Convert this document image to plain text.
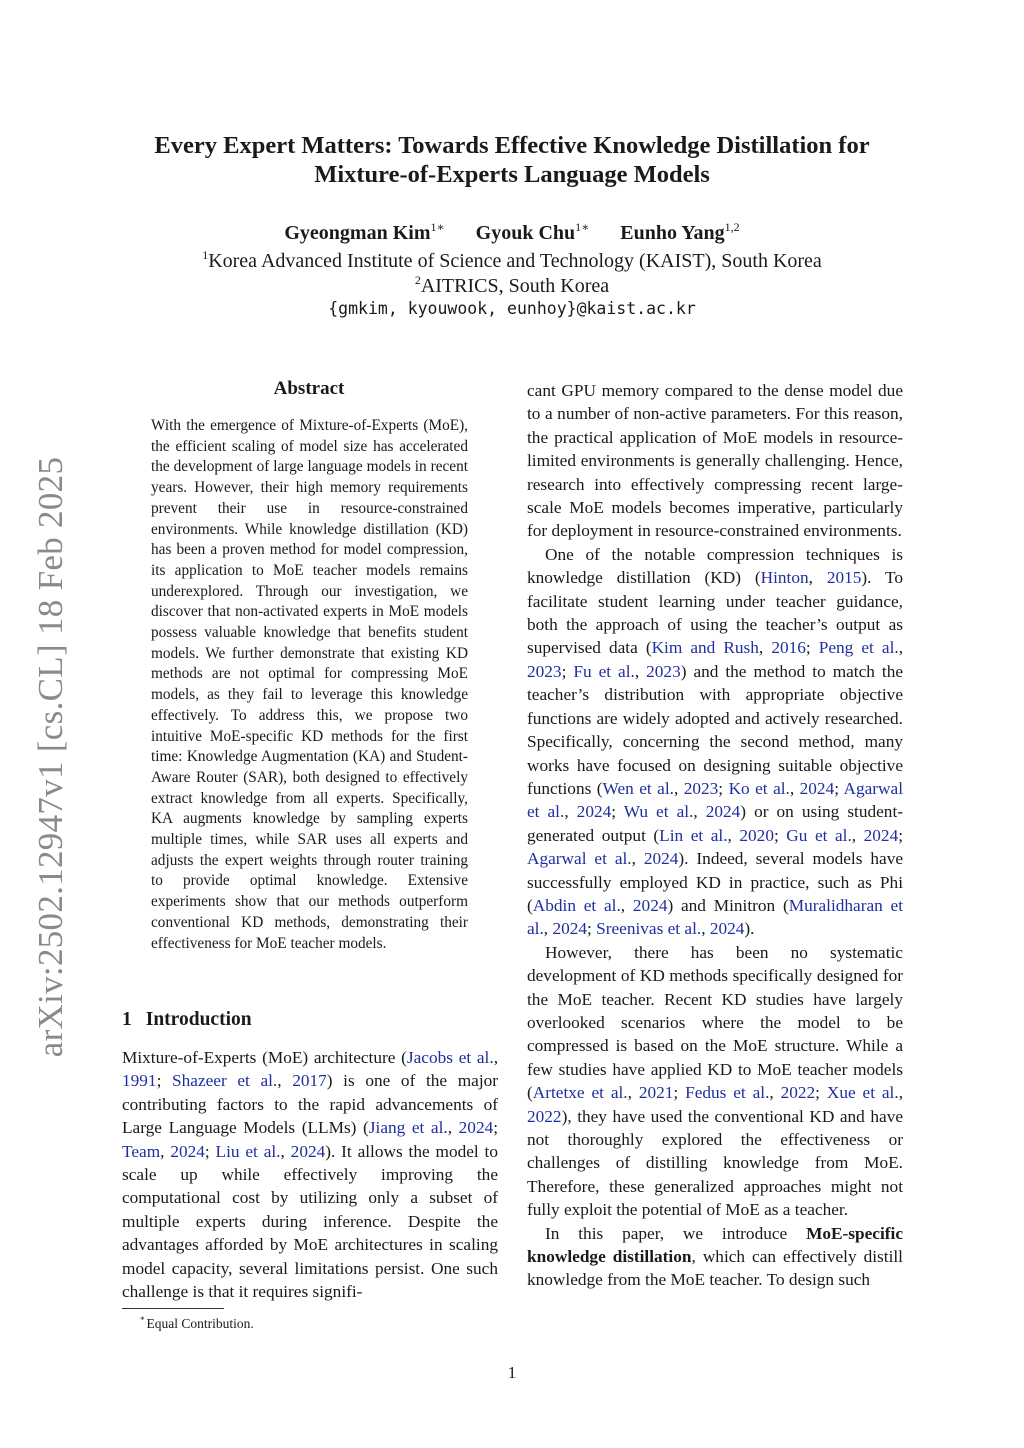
arXiv:2502.12947v1 [cs.CL] 18 Feb 2025
Every Expert Matters: Towards Effective Knowledge Distillation for
Mixture-of-Experts Language Models
Gyeongman Kim$^{1∗}$ Gyouk Chu$^{1∗}$ Eunho Yang$^{1,2}$
$^1$Korea Advanced Institute of Science and Technology (KAIST), South Korea
$^2$AITRICS, South Korea
{gmkim, kyouwook, eunhoy}@kaist.ac.kr
Abstract
With the emergence of Mixture-of-Experts (MoE), the efficient scaling of model size has accelerated the development of large language models in recent years. However, their high memory requirements prevent their use in resource-constrained environments. While knowledge distillation (KD) has been a proven method for model compression, its application to MoE teacher models remains underexplored. Through our investigation, we discover that non-activated experts in MoE models possess valuable knowledge that benefits student models. We further demonstrate that existing KD methods are not optimal for compressing MoE models, as they fail to leverage this knowledge effectively. To address this, we propose two intuitive MoE-specific KD methods for the first time: Knowledge Augmentation (KA) and Student-Aware Router (SAR), both designed to effectively extract knowledge from all experts. Specifically, KA augments knowledge by sampling experts multiple times, while SAR uses all experts and adjusts the expert weights through router training to provide optimal knowledge. Extensive experiments show that our methods outperform conventional KD methods, demonstrating their effectiveness for MoE teacher models.
1 Introduction

Mixture-of-Experts (MoE) architecture (Jacobs et al., 1991; Shazeer et al., 2017) is one of the major contributing factors to the rapid advancements of Large Language Models (LLMs) (Jiang et al., 2024; Team, 2024; Liu et al., 2024). It allows the model to scale up while effectively improving the computational cost by utilizing only a subset of multiple experts during inference. Despite the advantages afforded by MoE architectures in scaling model capacity, several limitations persist. One such challenge is that it requires signifi-

cant GPU memory compared to the dense model due to a number of non-active parameters. For this reason, the practical application of MoE models in resource-limited environments is generally challenging. Hence, research into effectively compressing recent large-scale MoE models becomes imperative, particularly for deployment in resource-constrained environments.

One of the notable compression techniques is knowledge distillation (KD) (Hinton, 2015). To facilitate student learning under teacher guidance, both the approach of using the teacher’s output as supervised data (Kim and Rush, 2016; Peng et al., 2023; Fu et al., 2023) and the method to match the teacher’s distribution with appropriate objective functions are widely adopted and actively researched. Specifically, concerning the second method, many works have focused on designing suitable objective functions (Wen et al., 2023; Ko et al., 2024; Agarwal et al., 2024; Wu et al., 2024) or on using student-generated output (Lin et al., 2020; Gu et al., 2024; Agarwal et al., 2024). Indeed, several models have successfully employed KD in practice, such as Phi (Abdin et al., 2024) and Minitron (Muralidharan et al., 2024; Sreenivas et al., 2024).

However, there has been no systematic development of KD methods specifically designed for the MoE teacher. Recent KD studies have largely overlooked scenarios where the model to be compressed is based on the MoE structure. While a few studies have applied KD to MoE teacher models (Artetxe et al., 2021; Fedus et al., 2022; Xue et al., 2022), they have used the conventional KD and have not thoroughly explored the effectiveness or challenges of distilling knowledge from MoE. Therefore, these generalized approaches might not fully exploit the potential of MoE as a teacher.

In this paper, we introduce MoE-specific knowledge distillation, which can effectively distill knowledge from the MoE teacher. To design such

* Equal Contribution.
1
